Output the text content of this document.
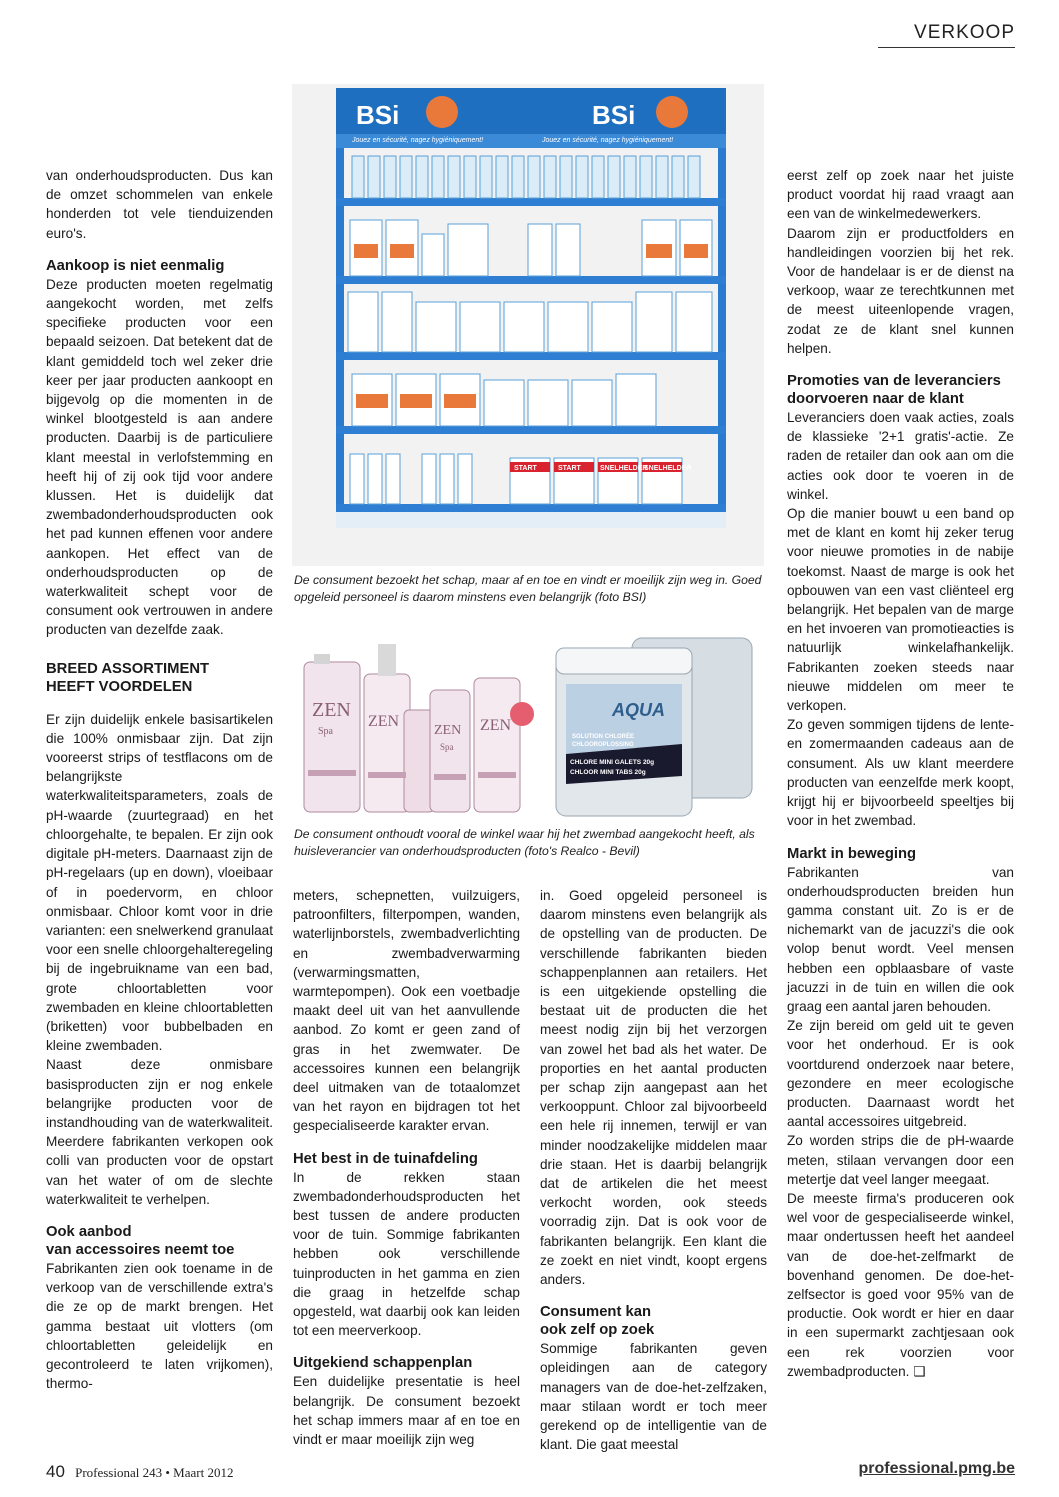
VERKOOP
BSi	BSi
Jouez en sécurité, nagez hygiéniquement!	Jouez en sécurité, nagez hygiéniquement!
START	START	SNELHELDER
SNELHELDER
De consument bezoekt het schap, maar af en toe en vindt er moeilijk zijn weg in. Goed opgeleid personeel is daarom minstens even belangrijk (foto BSI)
ZEN
ZEN
ZEN ZEN
Spa
Spa
AQUA
SOLUTION CHLORÉE
CHLOOROPLOSSING
CHLORE MINI GALETS 20g
CHLOOR MINI TABS 20g
De consument onthoudt vooral de winkel waar hij het zwembad aangekocht heeft, als huisleverancier van onderhoudsproducten (foto's Realco - Bevil)

van onderhoudsproducten. Dus kan de omzet schommelen van enkele honderden tot vele tienduizenden euro's.

Aankoop is niet eenmalig

Deze producten moeten regelmatig aangekocht worden, met zelfs specifieke producten voor een bepaald seizoen. Dat betekent dat de klant gemiddeld toch wel zeker drie keer per jaar producten aankoopt en bijgevolg op die momenten in de winkel blootgesteld is aan andere producten. Daarbij is de particuliere klant meestal in verlofstemming en heeft hij of zij ook tijd voor andere klussen. Het is duidelijk dat zwembadonderhoudsproducten ook het pad kunnen effenen voor andere aankopen. Het effect van de onderhoudsproducten op de waterkwaliteit schept voor de consument ook vertrouwen in andere producten van dezelfde zaak.

BREED ASSORTIMENT
HEEFT VOORDELEN

Er zijn duidelijk enkele basisartikelen die 100% onmisbaar zijn. Dat zijn vooreerst strips of testflacons om de belangrijkste waterkwaliteitsparameters, zoals de pH-waarde (zuurtegraad) en het chloorgehalte, te bepalen. Er zijn ook digitale pH-meters. Daarnaast zijn de pH-regelaars (up en down), vloeibaar of in poedervorm, en chloor onmisbaar. Chloor komt voor in drie varianten: een snelwerkend granulaat voor een snelle chloorgehalteregeling bij de ingebruikname van een bad, grote chloortabletten voor zwembaden en kleine chloortabletten (briketten) voor bubbelbaden en kleine zwembaden.

Naast deze onmisbare basisproducten zijn er nog enkele belangrijke producten voor de instandhouding van de waterkwaliteit. Meerdere fabrikanten verkopen ook colli van producten voor de opstart van het water of om de slechte waterkwaliteit te verhelpen.

Ook aanbod
van accessoires neemt toe

Fabrikanten zien ook toename in de verkoop van de verschillende extra's die ze op de markt brengen. Het gamma bestaat uit vlotters (om chloortabletten geleidelijk en gecontroleerd te laten vrijkomen), thermo-

meters, schepnetten, vuilzuigers, patroonfilters, filterpompen, wanden, waterlijnborstels, zwembadverlichting en zwembadverwarming (verwarmingsmatten, warmtepompen). Ook een voetbadje maakt deel uit van het aanvullende aanbod. Zo komt er geen zand of gras in het zwemwater. De accessoires kunnen een belangrijk deel uitmaken van de totaalomzet van het rayon en bijdragen tot het gespecialiseerde karakter ervan.

Het best in de tuinafdeling

In de rekken staan zwembadonderhoudsproducten het best tussen de andere producten voor de tuin. Sommige fabrikanten hebben ook verschillende tuinproducten in het gamma en zien die graag in hetzelfde schap opgesteld, wat daarbij ook kan leiden tot een meerverkoop.

Uitgekiend schappenplan

Een duidelijke presentatie is heel belangrijk. De consument bezoekt het schap immers maar af en toe en vindt er maar moeilijk zijn weg

in. Goed opgeleid personeel is daarom minstens even belangrijk als de opstelling van de producten. De verschillende fabrikanten bieden schappenplannen aan retailers. Het is een uitgekiende opstelling die bestaat uit de producten die het meest nodig zijn bij het verzorgen van zowel het bad als het water. De proporties en het aantal producten per schap zijn aangepast aan het verkooppunt. Chloor zal bijvoorbeeld een hele rij innemen, terwijl er van minder noodzakelijke middelen maar drie staan. Het is daarbij belangrijk dat de artikelen die het meest verkocht worden, ook steeds voorradig zijn. Dat is ook voor de fabrikanten belangrijk. Een klant die ze zoekt en niet vindt, koopt ergens anders.

Consument kan
ook zelf op zoek

Sommige fabrikanten geven opleidingen aan de category managers van de doe-het-zelfzaken, maar stilaan wordt er toch meer gerekend op de intelligentie van de klant. Die gaat meestal

eerst zelf op zoek naar het juiste product voordat hij raad vraagt aan een van de winkelmedewerkers.

Daarom zijn er productfolders en handleidingen voorzien bij het rek. Voor de handelaar is er de dienst na verkoop, waar ze terechtkunnen met de meest uiteenlopende vragen, zodat ze de klant snel kunnen helpen.

Promoties van de leveranciers
doorvoeren naar de klant

Leveranciers doen vaak acties, zoals de klassieke '2+1 gratis'-actie. Ze raden de retailer dan ook aan om die acties ook door te voeren in de winkel.

Op die manier bouwt u een band op met de klant en komt hij zeker terug voor nieuwe promoties in de nabije toekomst. Naast de marge is ook het opbouwen van een vast cliënteel erg belangrijk. Het bepalen van de marge en het invoeren van promotieacties is natuurlijk winkelafhankelijk. Fabrikanten zoeken steeds naar nieuwe middelen om meer te verkopen.

Zo geven sommigen tijdens de lente- en zomermaanden cadeaus aan de consument. Als uw klant meerdere producten van eenzelfde merk koopt, krijgt hij er bijvoorbeeld speeltjes bij voor in het zwembad.

Markt in beweging

Fabrikanten van onderhoudsproducten breiden hun gamma constant uit. Zo is er de nichemarkt van de jacuzzi's die ook volop benut wordt. Veel mensen hebben een opblaasbare of vaste jacuzzi in de tuin en willen die ook graag een aantal jaren behouden.

Ze zijn bereid om geld uit te geven voor het onderhoud. Er is ook voortdurend onderzoek naar betere, gezondere en meer ecologische producten. Daarnaast wordt het aantal accessoires uitgebreid.

Zo worden strips die de pH-waarde meten, stilaan vervangen door een metertje dat veel langer meegaat.

De meeste firma's produceren ook wel voor de gespecialiseerde winkel, maar ondertussen heeft het aandeel van de doe-het-zelfmarkt de bovenhand genomen. De doe-het-zelfsector is goed voor 95% van de productie. Ook wordt er hier en daar in een supermarkt zachtjesaan ook een rek voorzien voor zwembadproducten. ❑

40 Professional 243 • Maart 2012	professional.pmg.be
